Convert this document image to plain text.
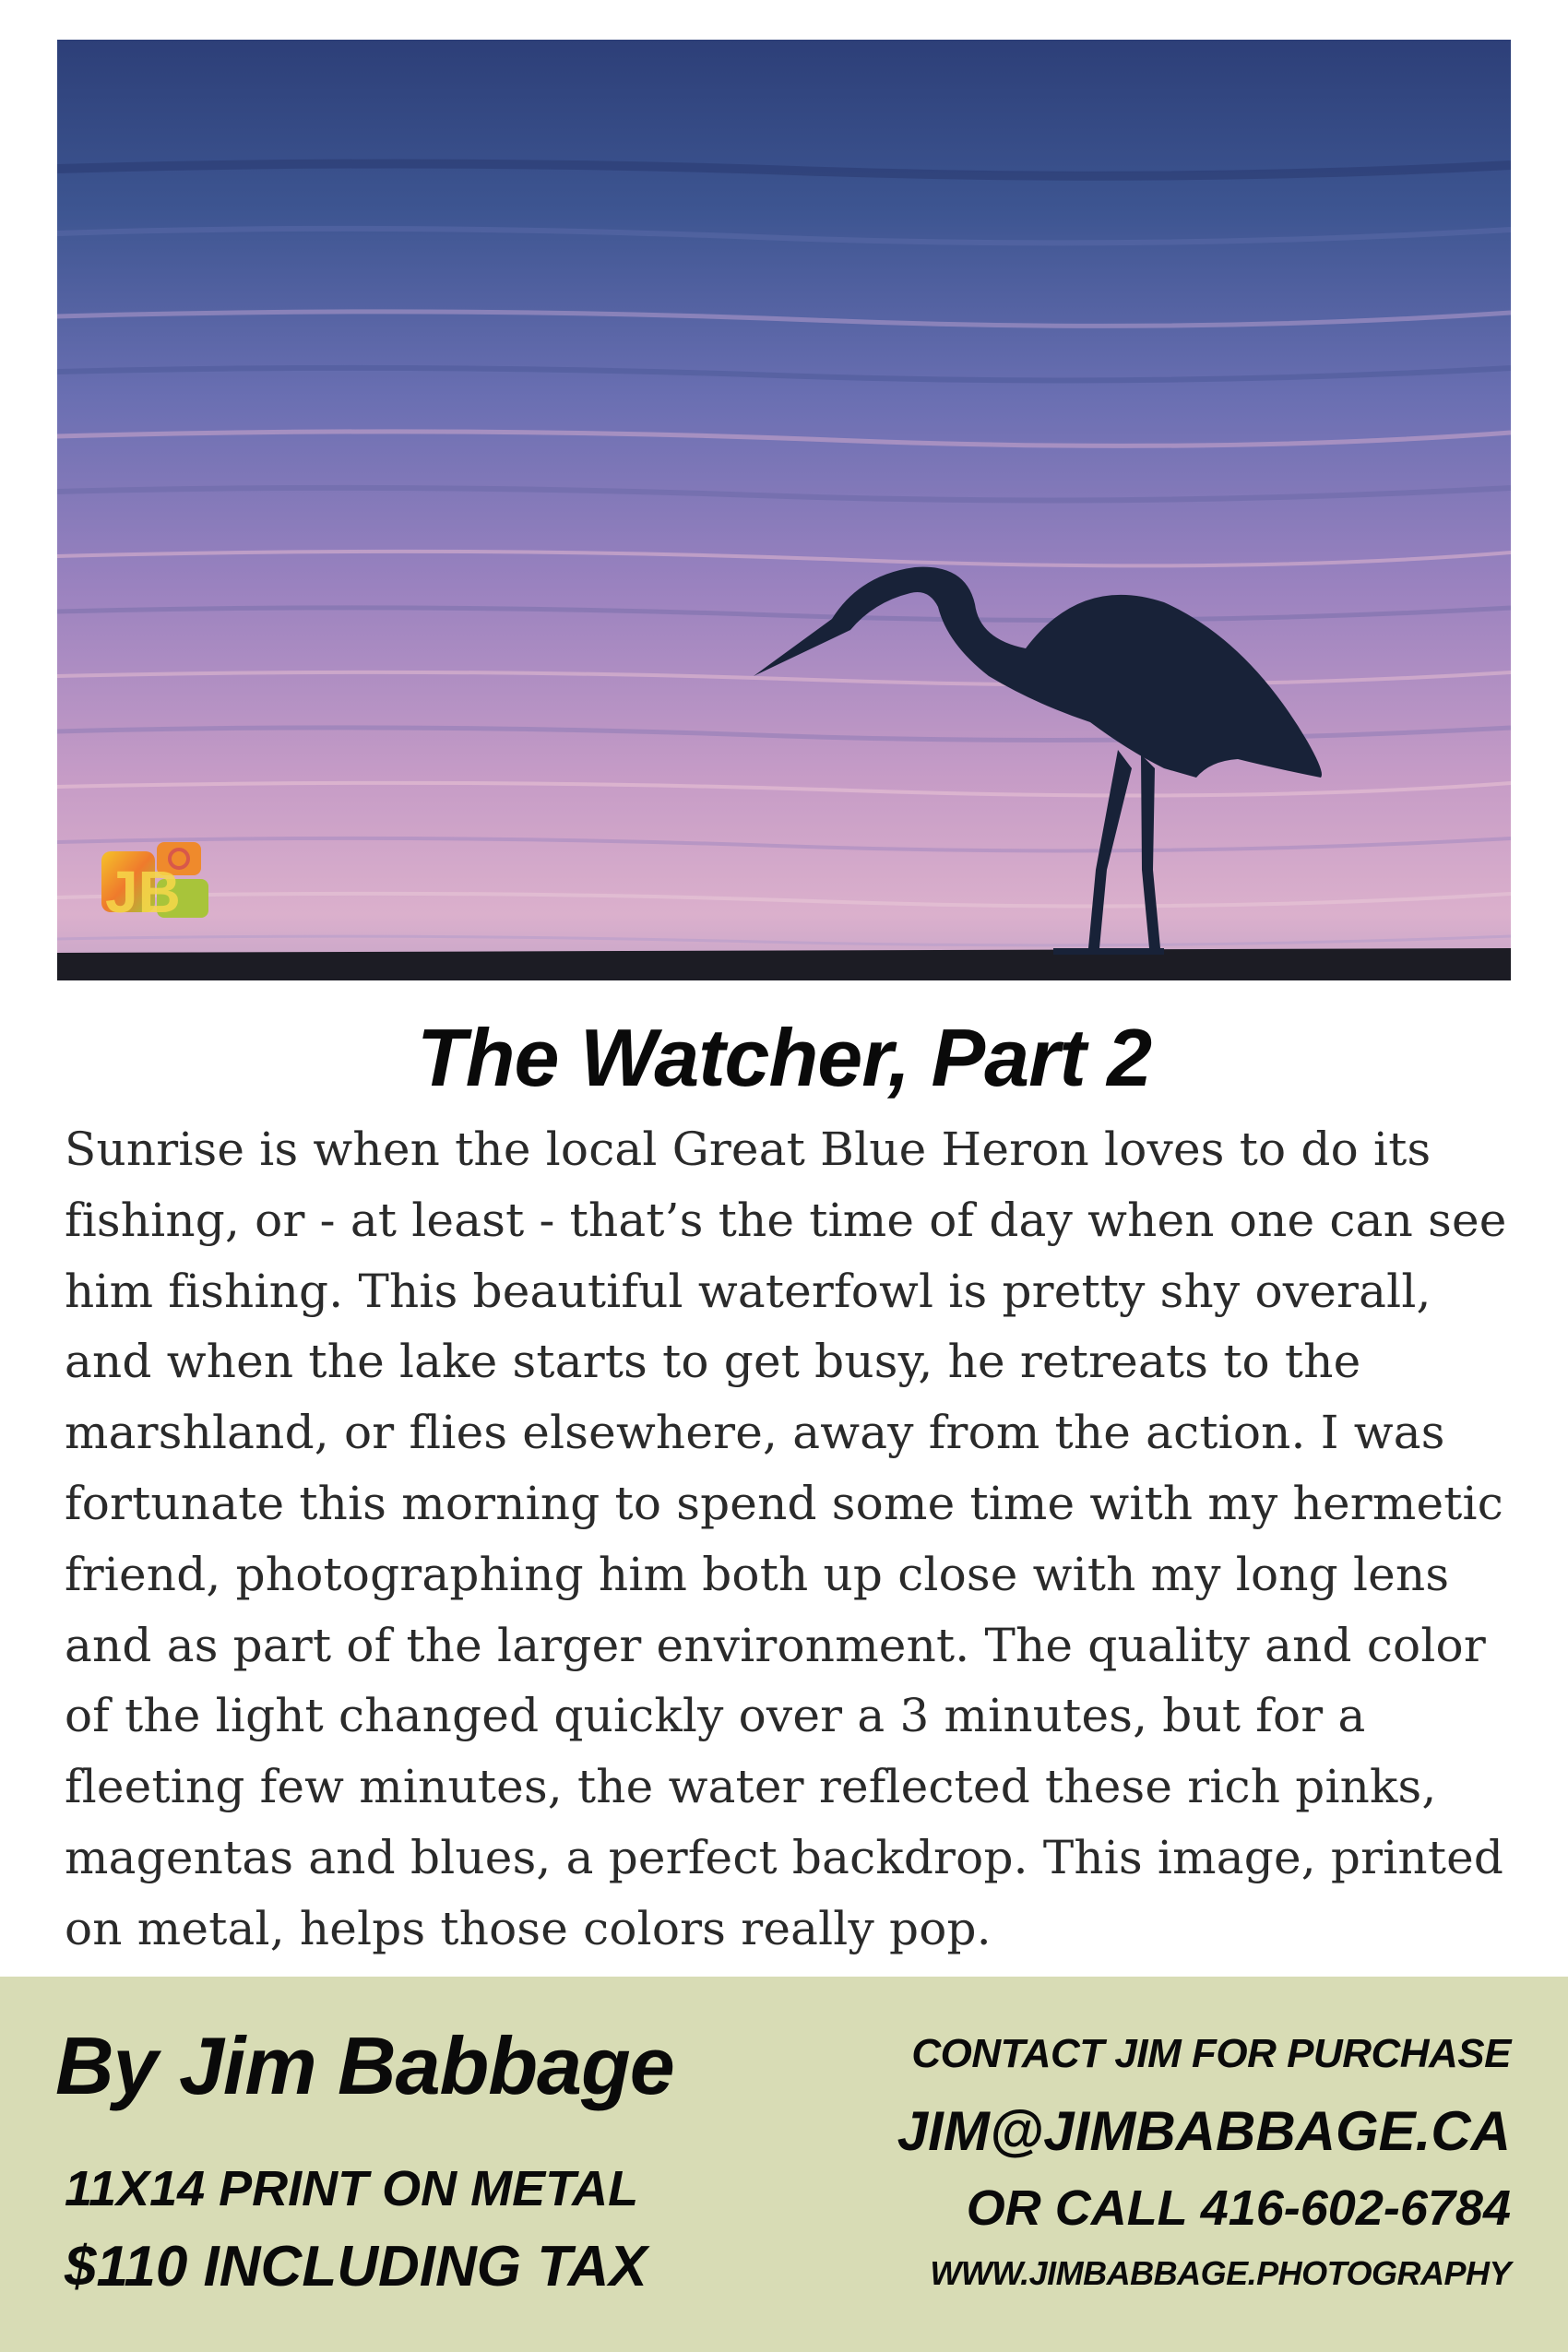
JB
The Watcher, Part 2

Sunrise is when the local Great Blue Heron loves to do its fishing, or - at least - that’s the time of day when one can see him fishing. This beautiful waterfowl is pretty shy overall, and when the lake starts to get busy, he retreats to the marshland, or flies elsewhere, away from the action. I was fortunate this morning to spend some time with my hermetic friend, photographing him both up close with my long lens and as part of the larger environment. The quality and color of the light changed quickly over a 3 minutes, but for a fleeting few minutes, the water reflected these rich pinks, magentas and blues, a perfect backdrop. This image, printed on metal, helps those colors really pop.

By Jim Babbage
11X14 PRINT ON METAL
$110 INCLUDING TAX
CONTACT JIM FOR PURCHASE
JIM@JIMBABBAGE.CA
OR CALL 416-602-6784
WWW.JIMBABBAGE.PHOTOGRAPHY
